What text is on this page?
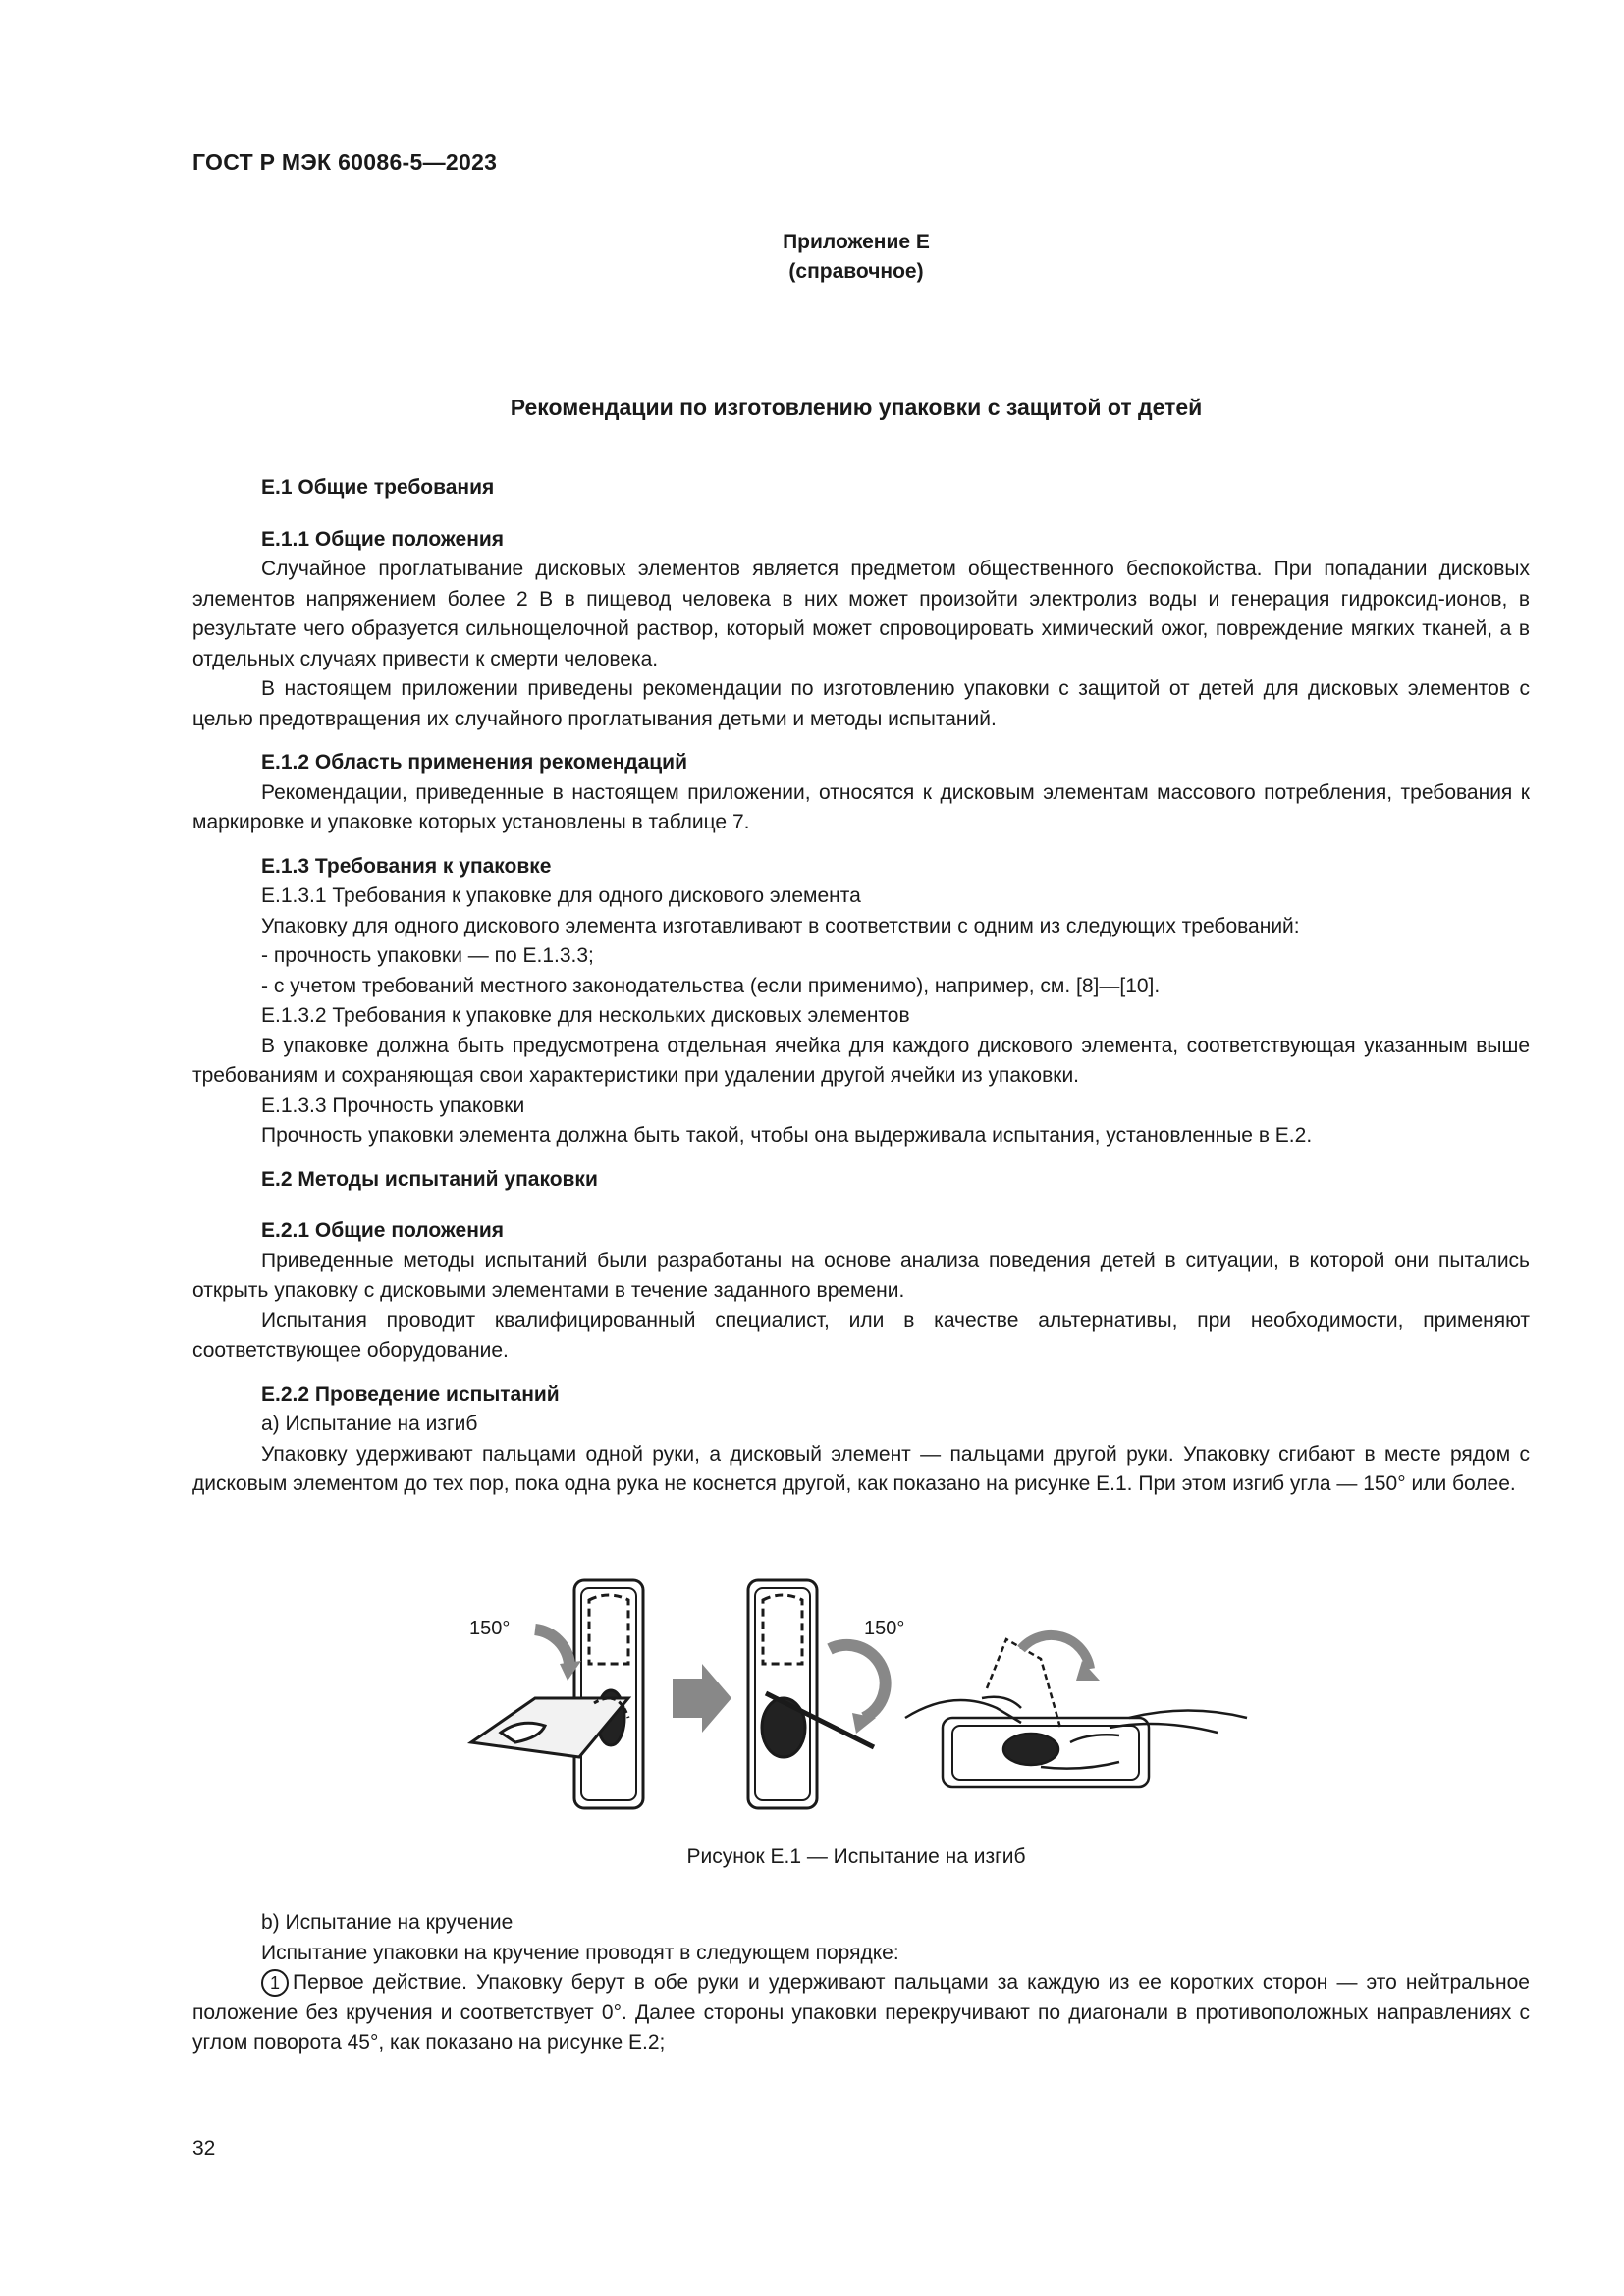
ГОСТ Р МЭК 60086-5—2023
Приложение Е
(справочное)
Рекомендации по изготовлению упаковки с защитой от детей

Е.1 Общие требования

Е.1.1 Общие положения

Случайное проглатывание дисковых элементов является предметом общественного беспокойства. При попадании дисковых элементов напряжением более 2 В в пищевод человека в них может произойти электролиз воды и генерация гидроксид-ионов, в результате чего образуется сильнощелочной раствор, который может спровоцировать химический ожог, повреждение мягких тканей, а в отдельных случаях привести к смерти человека.

В настоящем приложении приведены рекомендации по изготовлению упаковки с защитой от детей для дисковых элементов с целью предотвращения их случайного проглатывания детьми и методы испытаний.

Е.1.2 Область применения рекомендаций

Рекомендации, приведенные в настоящем приложении, относятся к дисковым элементам массового потребления, требования к маркировке и упаковке которых установлены в таблице 7.

Е.1.3 Требования к упаковке

Е.1.3.1 Требования к упаковке для одного дискового элемента

Упаковку для одного дискового элемента изготавливают в соответствии с одним из следующих требований:

- прочность упаковки — по Е.1.3.3;

- с учетом требований местного законодательства (если применимо), например, см. [8]—[10].

Е.1.3.2 Требования к упаковке для нескольких дисковых элементов

В упаковке должна быть предусмотрена отдельная ячейка для каждого дискового элемента, соответствующая указанным выше требованиям и сохраняющая свои характеристики при удалении другой ячейки из упаковки.

Е.1.3.3 Прочность упаковки

Прочность упаковки элемента должна быть такой, чтобы она выдерживала испытания, установленные в Е.2.

Е.2 Методы испытаний упаковки

Е.2.1 Общие положения

Приведенные методы испытаний были разработаны на основе анализа поведения детей в ситуации, в которой они пытались открыть упаковку с дисковыми элементами в течение заданного времени.

Испытания проводит квалифицированный специалист, или в качестве альтернативы, при необходимости, применяют соответствующее оборудование.

Е.2.2 Проведение испытаний

а) Испытание на изгиб

Упаковку удерживают пальцами одной руки, а дисковый элемент — пальцами другой руки. Упаковку сгибают в месте рядом с дисковым элементом до тех пор, пока одна рука не коснется другой, как показано на рисунке Е.1. При этом изгиб угла — 150° или более.

150°	150°
Рисунок Е.1 — Испытание на изгиб

b) Испытание на кручение

Испытание упаковки на кручение проводят в следующем порядке:

1 Первое действие. Упаковку берут в обе руки и удерживают пальцами за каждую из ее коротких сторон — это нейтральное положение без кручения и соответствует 0°. Далее стороны упаковки перекручивают по диагонали в противоположных направлениях с углом поворота 45°, как показано на рисунке Е.2;

32
